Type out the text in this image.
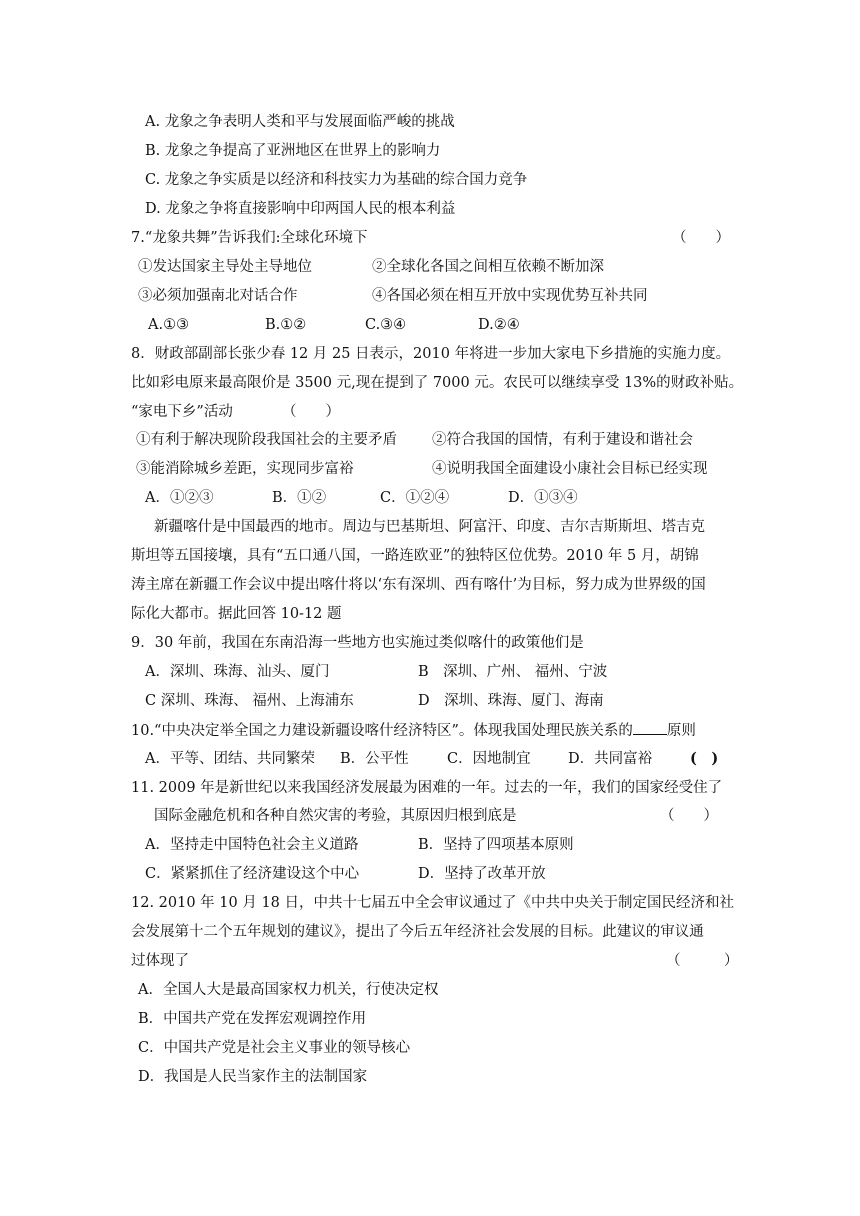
A. 龙象之争表明人类和平与发展面临严峻的挑战
B. 龙象之争提高了亚洲地区在世界上的影响力
C. 龙象之争实质是以经济和科技实力为基础的综合国力竞争
D. 龙象之争将直接影响中印两国人民的根本利益
7.“龙象共舞”告诉我们:全球化环境下	（　　）
①发达国家主导处主导地位	②全球化各国之间相互依赖不断加深
③必须加强南北对话合作	④各国必须在相互开放中实现优势互补共同
A.①③	B.①②	C.③④	D.②④
8．财政部副部长张少春 12 月 25 日表示，2010 年将进一步加大家电下乡措施的实施力度。
比如彩电原来最高限价是 3500 元,现在提到了 7000 元。农民可以继续享受 13%的财政补贴。
“家电下乡”活动	（　　）
①有利于解决现阶段我国社会的主要矛盾 ②符合我国的国情，有利于建设和谐社会
③能消除城乡差距，实现同步富裕	④说明我国全面建设小康社会目标已经实现
A．①②③	B．①②	C．①②④	D．①③④
新疆喀什是中国最西的地市。周边与巴基斯坦、阿富汗、印度、吉尔吉斯斯坦、塔吉克
斯坦等五国接壤，具有“五口通八国，一路连欧亚”的独特区位优势。2010 年 5 月，胡锦
涛主席在新疆工作会议中提出喀什将以‘东有深圳、西有喀什’为目标，努力成为世界级的国
际化大都市。据此回答 10-12 题
9．30 年前，我国在东南沿海一些地方也实施过类似喀什的政策他们是
A．深圳、珠海、汕头、厦门	B　深圳、广州、 福州、宁波
C 深圳、珠海、 福州、上海浦东	D　深圳、珠海、厦门、海南
10.“中央决定举全国之力建设新疆设喀什经济特区”。体现我国处理民族关系的 原则
A．平等、团结、共同繁荣 B．公平性	C．因地制宜	D．共同富裕	(　)
11. 2009 年是新世纪以来我国经济发展最为困难的一年。过去的一年，我们的国家经受住了
国际金融危机和各种自然灾害的考验，其原因归根到底是	（　　）
A．坚持走中国特色社会主义道路	B．坚持了四项基本原则
C．紧紧抓住了经济建设这个中心	D．坚持了改革开放
12. 2010 年 10 月 18 日，中共十七届五中全会审议通过了《中共中央关于制定国民经济和社
会发展第十二个五年规划的建议》，提出了今后五年经济社会发展的目标。此建议的审议通
过体现了	（　　　）
A．全国人大是最高国家权力机关，行使决定权
B．中国共产党在发挥宏观调控作用
C．中国共产党是社会主义事业的领导核心
D．我国是人民当家作主的法制国家
